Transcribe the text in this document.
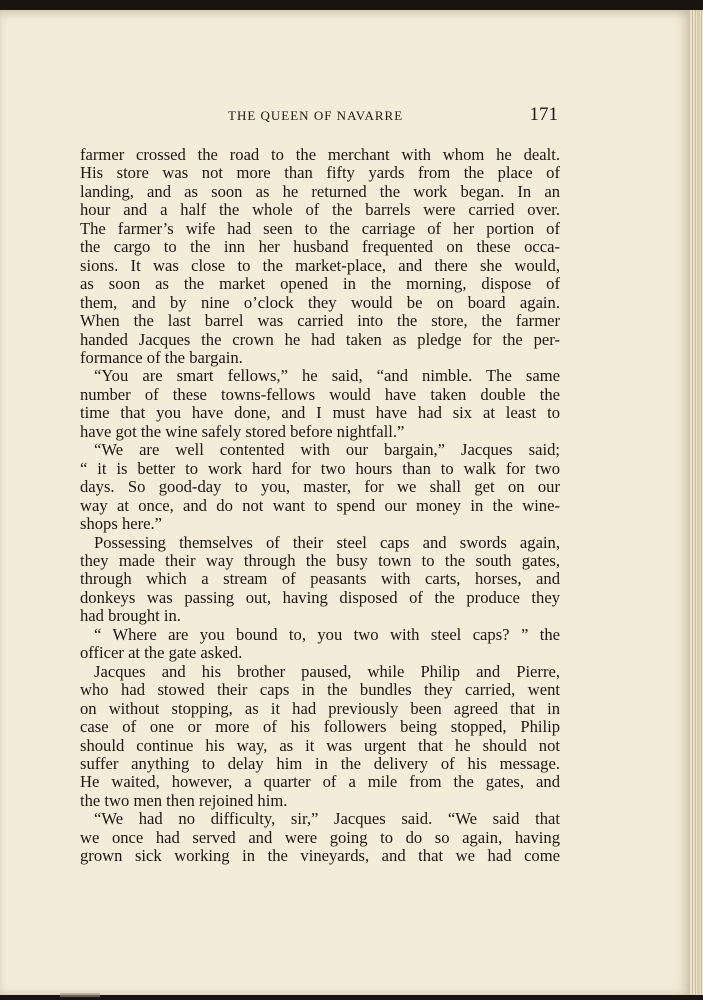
THE QUEEN OF NAVARRE	171
farmer crossed the road to the merchant with whom he dealt.
His store was not more than fifty yards from the place of
landing, and as soon as he returned the work began. In an
hour and a half the whole of the barrels were carried over.
The farmer’s wife had seen to the carriage of her portion of
the cargo to the inn her husband frequented on these occa-
sions. It was close to the market-place, and there she would,
as soon as the market opened in the morning, dispose of
them, and by nine o’clock they would be on board again.
When the last barrel was carried into the store, the farmer
handed Jacques the crown he had taken as pledge for the per-
formance of the bargain.
“You are smart fellows,” he said, “and nimble. The same
number of these towns-fellows would have taken double the
time that you have done, and I must have had six at least to
have got the wine safely stored before nightfall.”
“We are well contented with our bargain,” Jacques said;
“ it is better to work hard for two hours than to walk for two
days. So good-day to you, master, for we shall get on our
way at once, and do not want to spend our money in the wine-
shops here.”
Possessing themselves of their steel caps and swords again,
they made their way through the busy town to the south gates,
through which a stream of peasants with carts, horses, and
donkeys was passing out, having disposed of the produce they
had brought in.
“ Where are you bound to, you two with steel caps? ” the
officer at the gate asked.
Jacques and his brother paused, while Philip and Pierre,
who had stowed their caps in the bundles they carried, went
on without stopping, as it had previously been agreed that in
case of one or more of his followers being stopped, Philip
should continue his way, as it was urgent that he should not
suffer anything to delay him in the delivery of his message.
He waited, however, a quarter of a mile from the gates, and
the two men then rejoined him.
“We had no difficulty, sir,” Jacques said. “We said that
we once had served and were going to do so again, having
grown sick working in the vineyards, and that we had come
